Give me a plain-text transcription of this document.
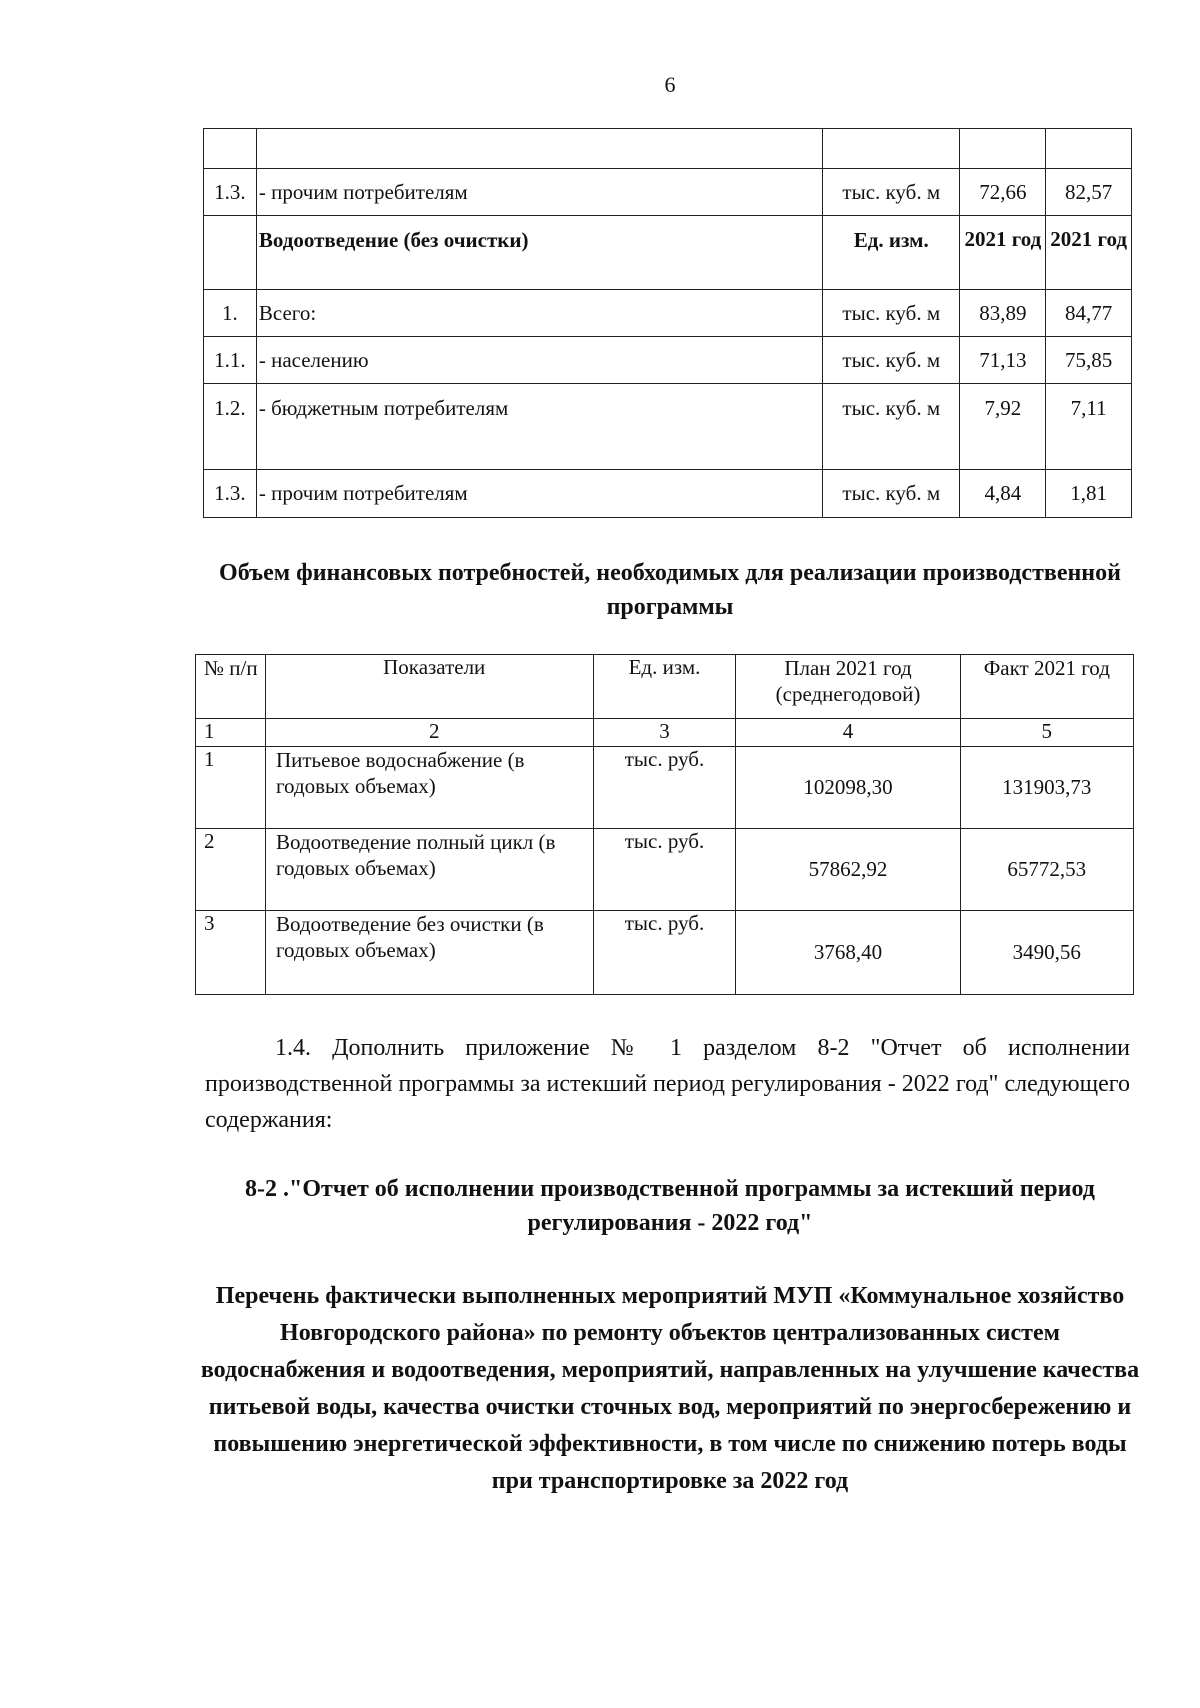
6

1.3.	- прочим потребителям	тыс. куб. м	72,66	82,57
	Водоотведение (без очистки)	Ед. изм.	2021 год	2021 год
1.	Всего:	тыс. куб. м	83,89	84,77
1.1.	- населению	тыс. куб. м	71,13	75,85
1.2.	- бюджетным потребителям	тыс. куб. м	7,92	7,11
1.3.	- прочим потребителям	тыс. куб. м	4,84	1,81
Объем финансовых потребностей, необходимых для реализации производственной программы
№ п/п	Показатели	Ед. изм.	План 2021 год (среднегодовой)	Факт 2021 год
1	2	3	4	5
1	Питьевое водоснабжение (в годовых объемах)	тыс. руб.	102098,30	131903,73
2	Водоотведение полный цикл (в годовых объемах)	тыс. руб.	57862,92	65772,53
3	Водоотведение без очистки (в годовых объемах)	тыс. руб.	3768,40	3490,56
1.4. Дополнить приложение № 1 разделом 8-2 "Отчет об исполнении производственной программы за истекший период регулирования - 2022 год" следующего содержания:
8-2 ."Отчет об исполнении производственной программы за истекший период регулирования - 2022 год"
Перечень фактически выполненных мероприятий МУП «Коммунальное хозяйство Новгородского района» по ремонту объектов централизованных систем водоснабжения и водоотведения, мероприятий, направленных на улучшение качества питьевой воды, качества очистки сточных вод, мероприятий по энергосбережению и повышению энергетической эффективности, в том числе по снижению потерь воды при транспортировке за 2022 год
